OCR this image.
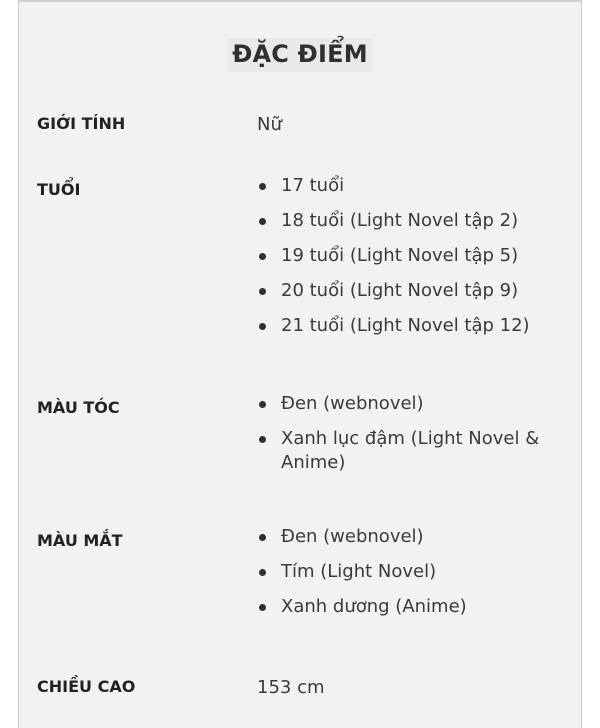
ĐẶC ĐIỂM
GIỚI TÍNH	Nữ
TUỔI	17 tuổi
18 tuổi (Light Novel tập 2)
19 tuổi (Light Novel tập 5)
20 tuổi (Light Novel tập 9)
21 tuổi (Light Novel tập 12)
MÀU TÓC	Đen (webnovel)
Xanh lục đậm (Light Novel & Anime)
MÀU MẮT	Đen (webnovel)
Tím (Light Novel)
Xanh dương (Anime)
CHIỀU CAO	153 cm
